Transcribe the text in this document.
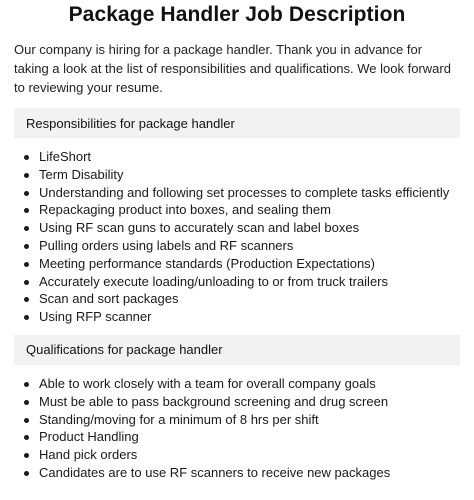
Package Handler Job Description

Our company is hiring for a package handler. Thank you in advance for taking a look at the list of responsibilities and qualifications. We look forward to reviewing your resume.

Responsibilities for package handler
LifeShort
Term Disability
Understanding and following set processes to complete tasks efficiently
Repackaging product into boxes, and sealing them
Using RF scan guns to accurately scan and label boxes
Pulling orders using labels and RF scanners
Meeting performance standards (Production Expectations)
Accurately execute loading/unloading to or from truck trailers
Scan and sort packages
Using RFP scanner
Qualifications for package handler
Able to work closely with a team for overall company goals
Must be able to pass background screening and drug screen
Standing/moving for a minimum of 8 hrs per shift
Product Handling
Hand pick orders
Candidates are to use RF scanners to receive new packages
